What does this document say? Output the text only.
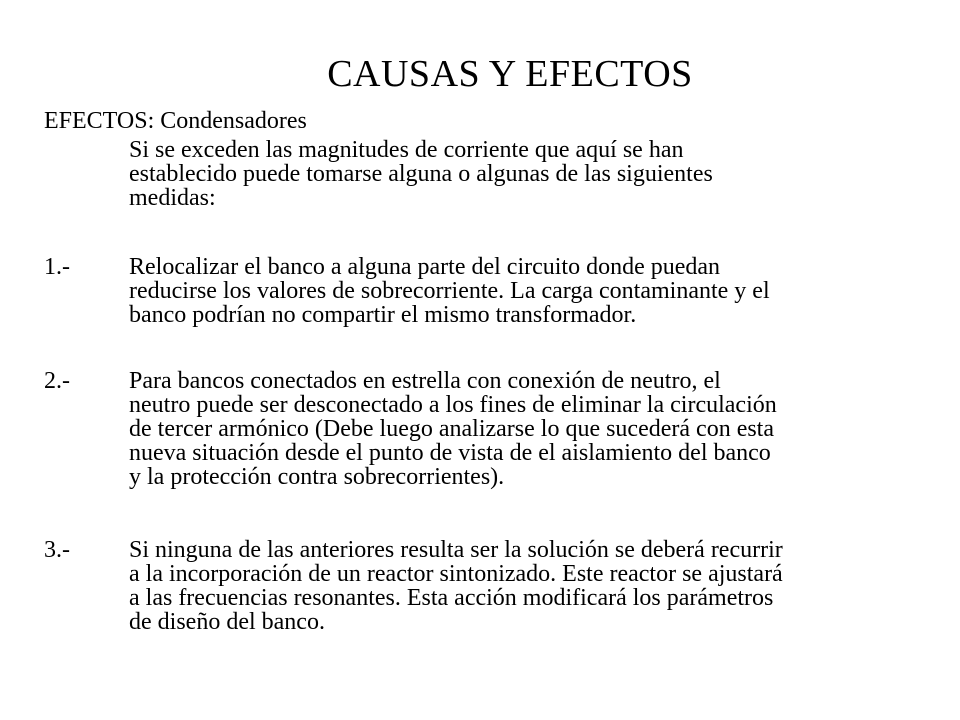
CAUSAS Y EFECTOS
EFECTOS: Condensadores
Si se exceden las magnitudes de corriente que aquí se han
establecido puede tomarse alguna o algunas de las siguientes
medidas:
1.- Relocalizar el banco a alguna parte del circuito donde puedan
reducirse los valores de sobrecorriente. La carga contaminante y el
banco podrían no compartir el mismo transformador.
2.- Para bancos conectados en estrella con conexión de neutro, el
neutro puede ser desconectado a los fines de eliminar la circulación
de tercer armónico (Debe luego analizarse lo que sucederá con esta
nueva situación desde el punto de vista de el aislamiento del banco
y la protección contra sobrecorrientes).
3.- Si ninguna de las anteriores resulta ser la solución se deberá recurrir
a la incorporación de un reactor sintonizado. Este reactor se ajustará
a las frecuencias resonantes. Esta acción modificará los parámetros
de diseño del banco.
